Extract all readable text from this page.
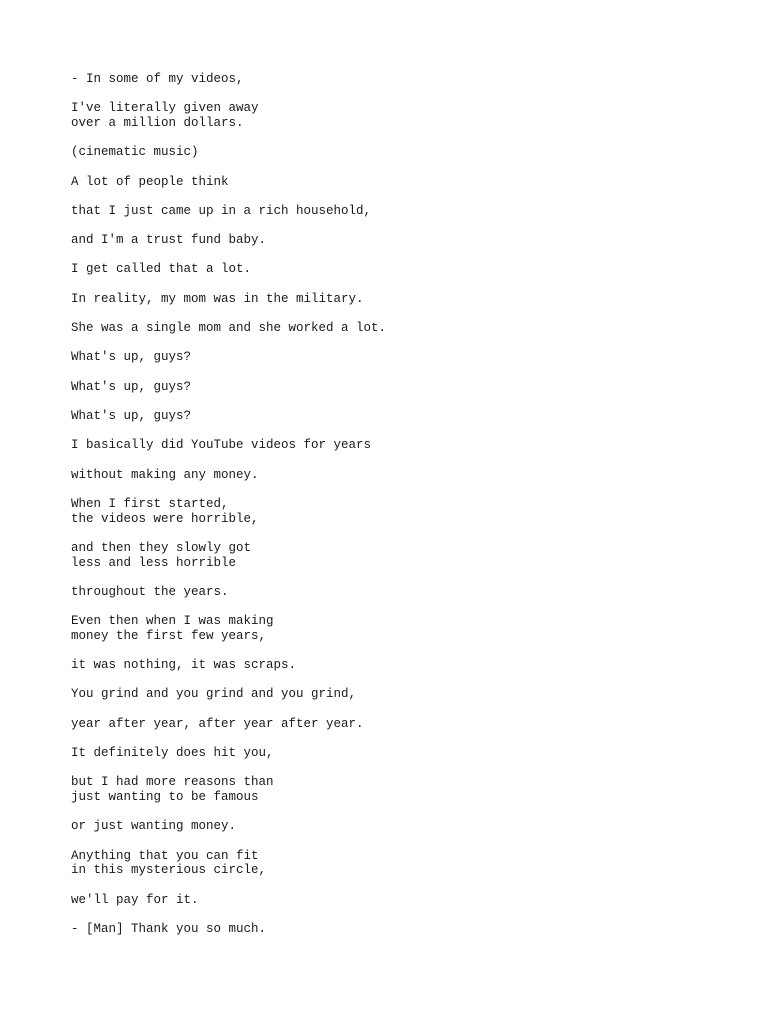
- In some of my videos,
I've literally given away
over a million dollars.
(cinematic music)
A lot of people think
that I just came up in a rich household,
and I'm a trust fund baby.
I get called that a lot.
In reality, my mom was in the military.
She was a single mom and she worked a lot.
What's up, guys?
What's up, guys?
What's up, guys?
I basically did YouTube videos for years
without making any money.
When I first started,
the videos were horrible,
and then they slowly got
less and less horrible
throughout the years.
Even then when I was making
money the first few years,
it was nothing, it was scraps.
You grind and you grind and you grind,
year after year, after year after year.
It definitely does hit you,
but I had more reasons than
just wanting to be famous
or just wanting money.
Anything that you can fit
in this mysterious circle,
we'll pay for it.
- [Man] Thank you so much.
